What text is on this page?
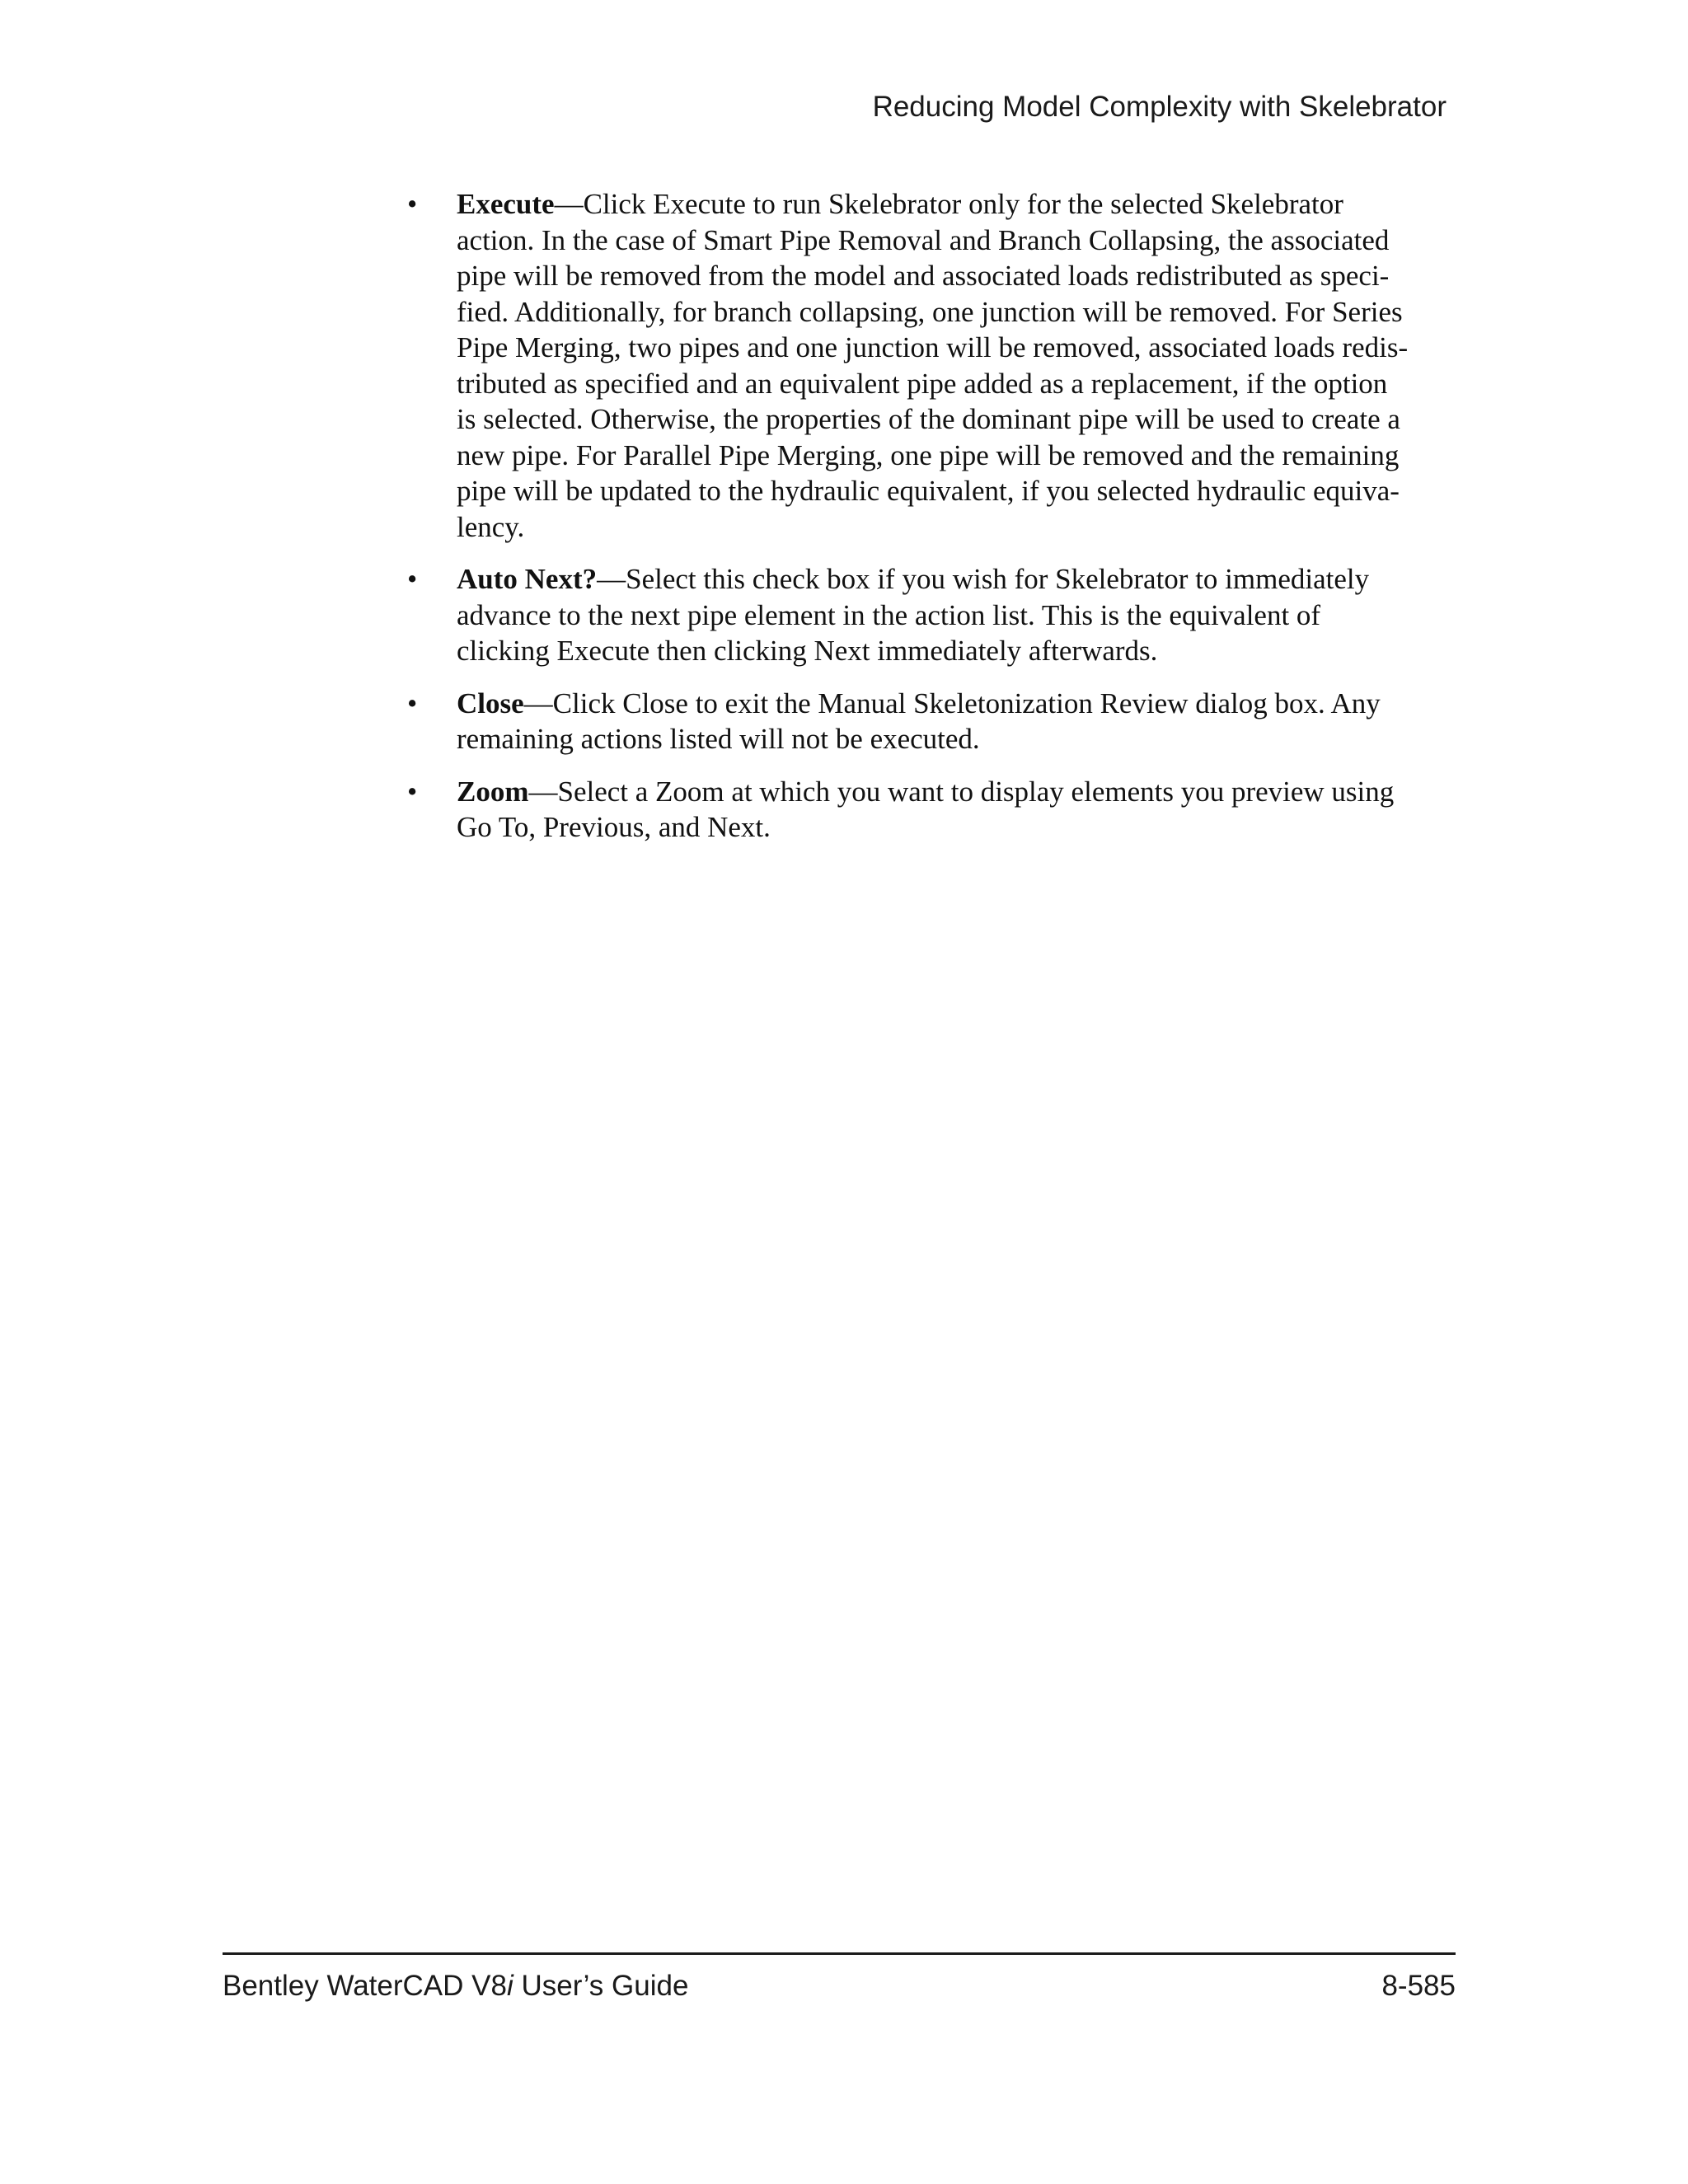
Reducing Model Complexity with Skelebrator
•	Execute—Click Execute to run Skelebrator only for the selected Skelebrator
action. In the case of Smart Pipe Removal and Branch Collapsing, the associated
pipe will be removed from the model and associated loads redistributed as speci-
fied. Additionally, for branch collapsing, one junction will be removed. For Series
Pipe Merging, two pipes and one junction will be removed, associated loads redis-
tributed as specified and an equivalent pipe added as a replacement, if the option
is selected. Otherwise, the properties of the dominant pipe will be used to create a
new pipe. For Parallel Pipe Merging, one pipe will be removed and the remaining
pipe will be updated to the hydraulic equivalent, if you selected hydraulic equiva-
lency.
•	Auto Next?—Select this check box if you wish for Skelebrator to immediately
advance to the next pipe element in the action list. This is the equivalent of
clicking Execute then clicking Next immediately afterwards.
•	Close—Click Close to exit the Manual Skeletonization Review dialog box. Any
remaining actions listed will not be executed.
•	Zoom—Select a Zoom at which you want to display elements you preview using
Go To, Previous, and Next.
Bentley WaterCAD V8i User’s Guide	8-585
